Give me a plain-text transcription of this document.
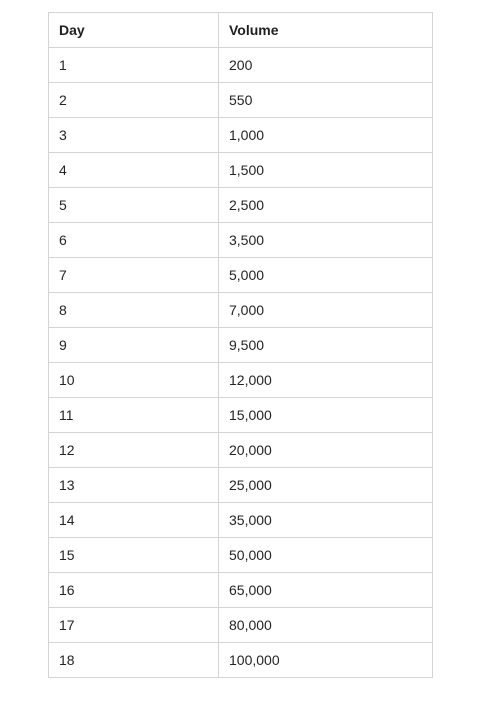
Day	Volume
1	200
2	550
3	1,000
4	1,500
5	2,500
6	3,500
7	5,000
8	7,000
9	9,500
10	12,000
11	15,000
12	20,000
13	25,000
14	35,000
15	50,000
16	65,000
17	80,000
18	100,000
